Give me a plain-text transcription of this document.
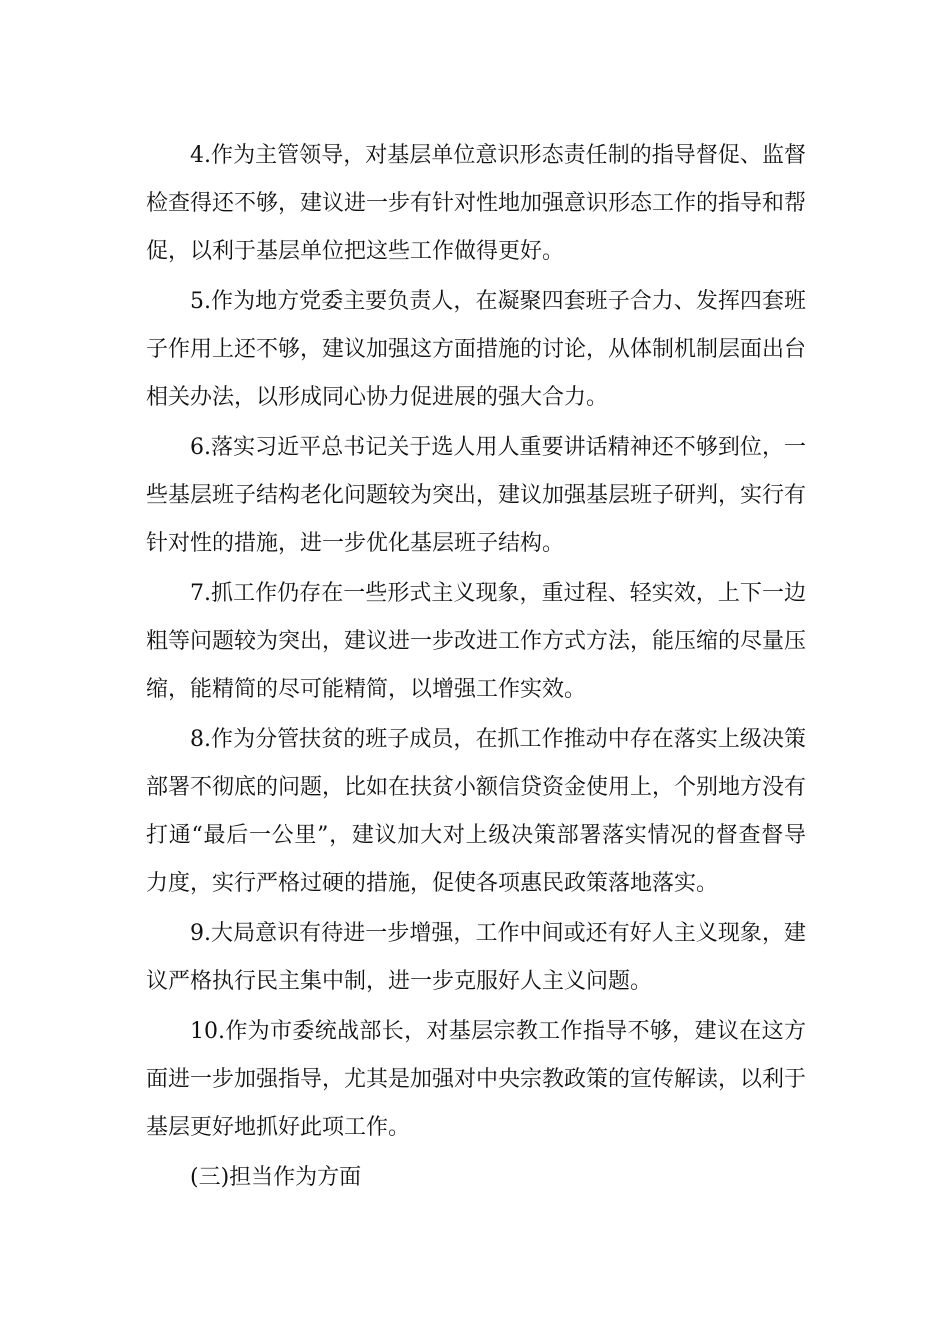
4.作为主管领导，对基层单位意识形态责任制的指导督促、监督检查得还不够，建议进一步有针对性地加强意识形态工作的指导和帮促，以利于基层单位把这些工作做得更好。

5.作为地方党委主要负责人，在凝聚四套班子合力、发挥四套班子作用上还不够，建议加强这方面措施的讨论，从体制机制层面出台相关办法，以形成同心协力促进展的强大合力。

6.落实习近平总书记关于选人用人重要讲话精神还不够到位，一些基层班子结构老化问题较为突出，建议加强基层班子研判，实行有针对性的措施，进一步优化基层班子结构。

7.抓工作仍存在一些形式主义现象，重过程、轻实效，上下一边粗等问题较为突出，建议进一步改进工作方式方法，能压缩的尽量压缩，能精简的尽可能精简，以增强工作实效。

8.作为分管扶贫的班子成员，在抓工作推动中存在落实上级决策部署不彻底的问题，比如在扶贫小额信贷资金使用上，个别地方没有打通“最后一公里”，建议加大对上级决策部署落实情况的督查督导力度，实行严格过硬的措施，促使各项惠民政策落地落实。

9.大局意识有待进一步增强，工作中间或还有好人主义现象，建议严格执行民主集中制，进一步克服好人主义问题。

10.作为市委统战部长，对基层宗教工作指导不够，建议在这方面进一步加强指导，尤其是加强对中央宗教政策的宣传解读，以利于基层更好地抓好此项工作。

(三)担当作为方面
